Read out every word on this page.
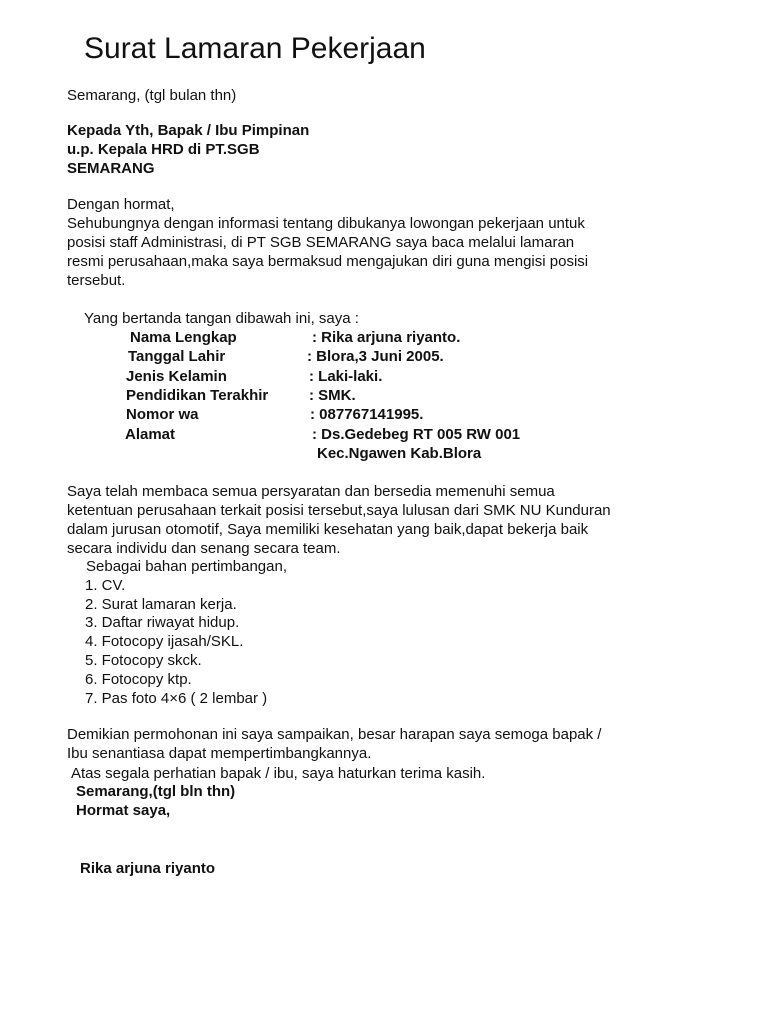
Surat Lamaran Pekerjaan
Semarang, (tgl bulan thn)
Kepada Yth, Bapak / Ibu Pimpinan
u.p. Kepala HRD di PT.SGB
SEMARANG
Dengan hormat,
Sehubungnya dengan informasi tentang dibukanya lowongan pekerjaan untuk
posisi staff Administrasi, di PT SGB SEMARANG saya baca melalui lamaran
resmi perusahaan,maka saya bermaksud mengajukan diri guna mengisi posisi
tersebut.
Yang bertanda tangan dibawah ini, saya :
Nama Lengkap	: Rika arjuna riyanto.
Tanggal Lahir	: Blora,3 Juni 2005.
Jenis Kelamin	: Laki-laki.
Pendidikan Terakhir	: SMK.
Nomor wa	: 087767141995.
Alamat	: Ds.Gedebeg RT 005 RW 001
Kec.Ngawen Kab.Blora
Saya telah membaca semua persyaratan dan bersedia memenuhi semua
ketentuan perusahaan terkait posisi tersebut,saya lulusan dari SMK NU Kunduran
dalam jurusan otomotif, Saya memiliki kesehatan yang baik,dapat bekerja baik
secara individu dan senang secara team.
Sebagai bahan pertimbangan,
1. CV.
2. Surat lamaran kerja.
3. Daftar riwayat hidup.
4. Fotocopy ijasah/SKL.
5. Fotocopy skck.
6. Fotocopy ktp.
7. Pas foto 4×6 ( 2 lembar )
Demikian permohonan ini saya sampaikan, besar harapan saya semoga bapak /
Ibu senantiasa dapat mempertimbangkannya.
Atas segala perhatian bapak / ibu, saya haturkan terima kasih.
Semarang,(tgl bln thn)
Hormat saya,
Rika arjuna riyanto
